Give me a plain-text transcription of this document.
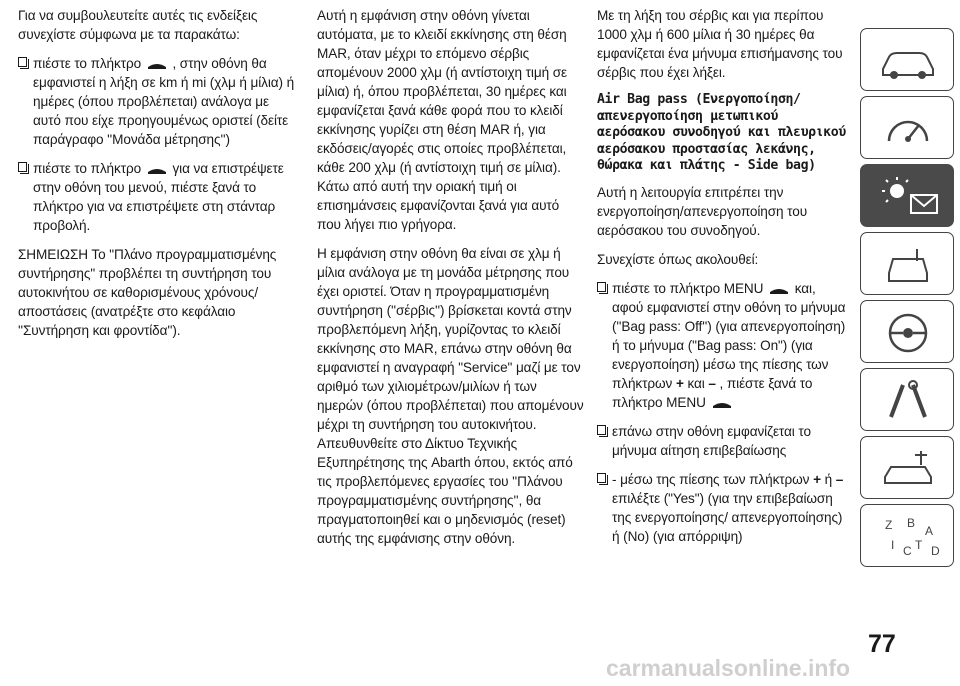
Για να συμβουλευτείτε αυτές τις ενδείξεις συνεχίστε σύμφωνα με τα παρακάτω:

πιέστε το πλήκτρο , στην οθόνη θα εμφανιστεί η λήξη σε km ή mi (χλμ ή μίλια) ή ημέρες (όπου προβλέπεται) ανάλογα με αυτό που είχε προηγουμένως οριστεί (δείτε παράγραφο ''Μονάδα μέτρησης'')
πιέστε το πλήκτρο για να επιστρέψετε στην οθόνη του μενού, πιέστε ξανά το πλήκτρο για να επιστρέψετε στη στάνταρ προβολή.

ΣΗΜΕΙΩΣΗ Το "Πλάνο προγραμματισμένης συντήρησης" προβλέπει τη συντήρηση του αυτοκινήτου σε καθορισμένους χρόνους/αποστάσεις (ανατρέξτε στο κεφάλαιο ''Συντήρηση και φροντίδα'').

Αυτή η εμφάνιση στην οθόνη γίνεται αυτόματα, με το κλειδί εκκίνησης στη θέση MAR, όταν μέχρι το επόμενο σέρβις απομένουν 2000 χλμ (ή αντίστοιχη τιμή σε μίλια) ή, όπου προβλέπεται, 30 ημέρες και εμφανίζεται ξανά κάθε φορά που το κλειδί εκκίνησης γυρίζει στη θέση MAR ή, για εκδόσεις/αγορές στις οποίες προβλέπεται, κάθε 200 χλμ (ή αντίστοιχη τιμή σε μίλια). Κάτω από αυτή την οριακή τιμή οι επισημάνσεις εμφανίζονται ξανά για αυτό που λήγει πιο γρήγορα.

Η εμφάνιση στην οθόνη θα είναι σε χλμ ή μίλια ανάλογα με τη μονάδα μέτρησης που έχει οριστεί. Όταν η προγραμματισμένη συντήρηση (''σέρβις'') βρίσκεται κοντά στην προβλεπόμενη λήξη, γυρίζοντας το κλειδί εκκίνησης στο MAR, επάνω στην οθόνη θα εμφανιστεί η αναγραφή "Service" μαζί με τον αριθμό των χιλιομέτρων/μιλίων ή των ημερών (όπου προβλέπεται) που απομένουν μέχρι τη συντήρηση του αυτοκινήτου. Απευθυνθείτε στο Δίκτυο Τεχνικής Εξυπηρέτησης της Abarth όπου, εκτός από τις προβλεπόμενες εργασίες του ''Πλάνου προγραμματισμένης συντήρησης'', θα πραγματοποιηθεί και ο μηδενισμός (reset) αυτής της εμφάνισης στην οθόνη.

Με τη λήξη του σέρβις και για περίπου 1000 χλμ ή 600 μίλια ή 30 ημέρες θα εμφανίζεται ένα μήνυμα επισήμανσης του σέρβις που έχει λήξει.

Air Bag pass (Ενεργοποίηση/ απενεργοποίηση μετωπικού αερόσακου συνοδηγού και πλευρικού αερόσακου προστασίας λεκάνης, θώρακα και πλάτης - Side bag)

Αυτή η λειτουργία επιτρέπει την ενεργοποίηση/απενεργοποίηση του αερόσακου του συνοδηγού.

Συνεχίστε όπως ακολουθεί:

πιέστε το πλήκτρο MENU και, αφού εμφανιστεί στην οθόνη το μήνυμα (''Bag pass: Off'') (για απενεργοποίηση) ή το μήνυμα ("Bag pass: On") (για ενεργοποίηση) μέσω της πίεσης των πλήκτρων + και – , πιέστε ξανά το πλήκτρο MENU
επάνω στην οθόνη εμφανίζεται το μήνυμα αίτηση επιβεβαίωσης
- μέσω της πίεσης των πλήκτρων + ή – επιλέξτε ("Yes") (για την επιβεβαίωση της ενεργοποίησης/ απενεργοποίησης) ή (No) (για απόρριψη)
Z B
A
I C T D
77
carmanualsonline.info
